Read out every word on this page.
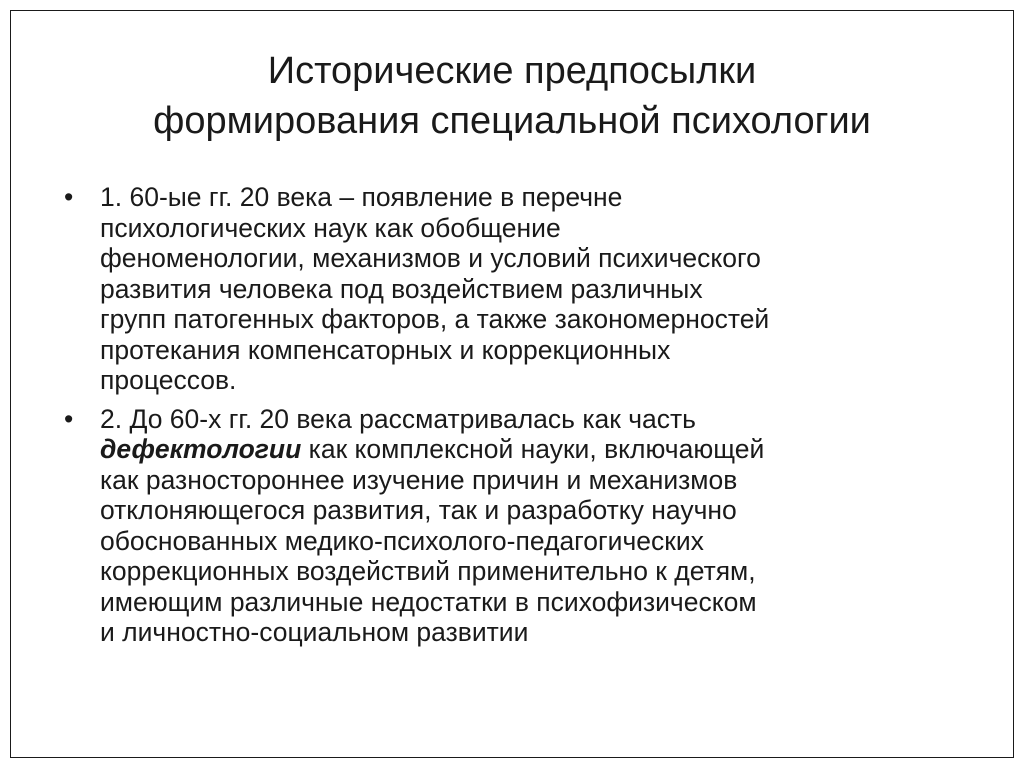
Исторические предпосылки
формирования специальной психологии
• 1. 60-ые гг. 20 века – появление в перечне
психологических наук как обобщение
феноменологии, механизмов и условий психического
развития человека под воздействием различных
групп патогенных факторов, а также закономерностей
протекания компенсаторных и коррекционных
процессов.
• 2. До 60-х гг. 20 века рассматривалась как часть
дефектологии как комплексной науки, включающей
как разностороннее изучение причин и механизмов
отклоняющегося развития, так и разработку научно
обоснованных медико-психолого-педагогических
коррекционных воздействий применительно к детям,
имеющим различные недостатки в психофизическом
и личностно-социальном развитии
